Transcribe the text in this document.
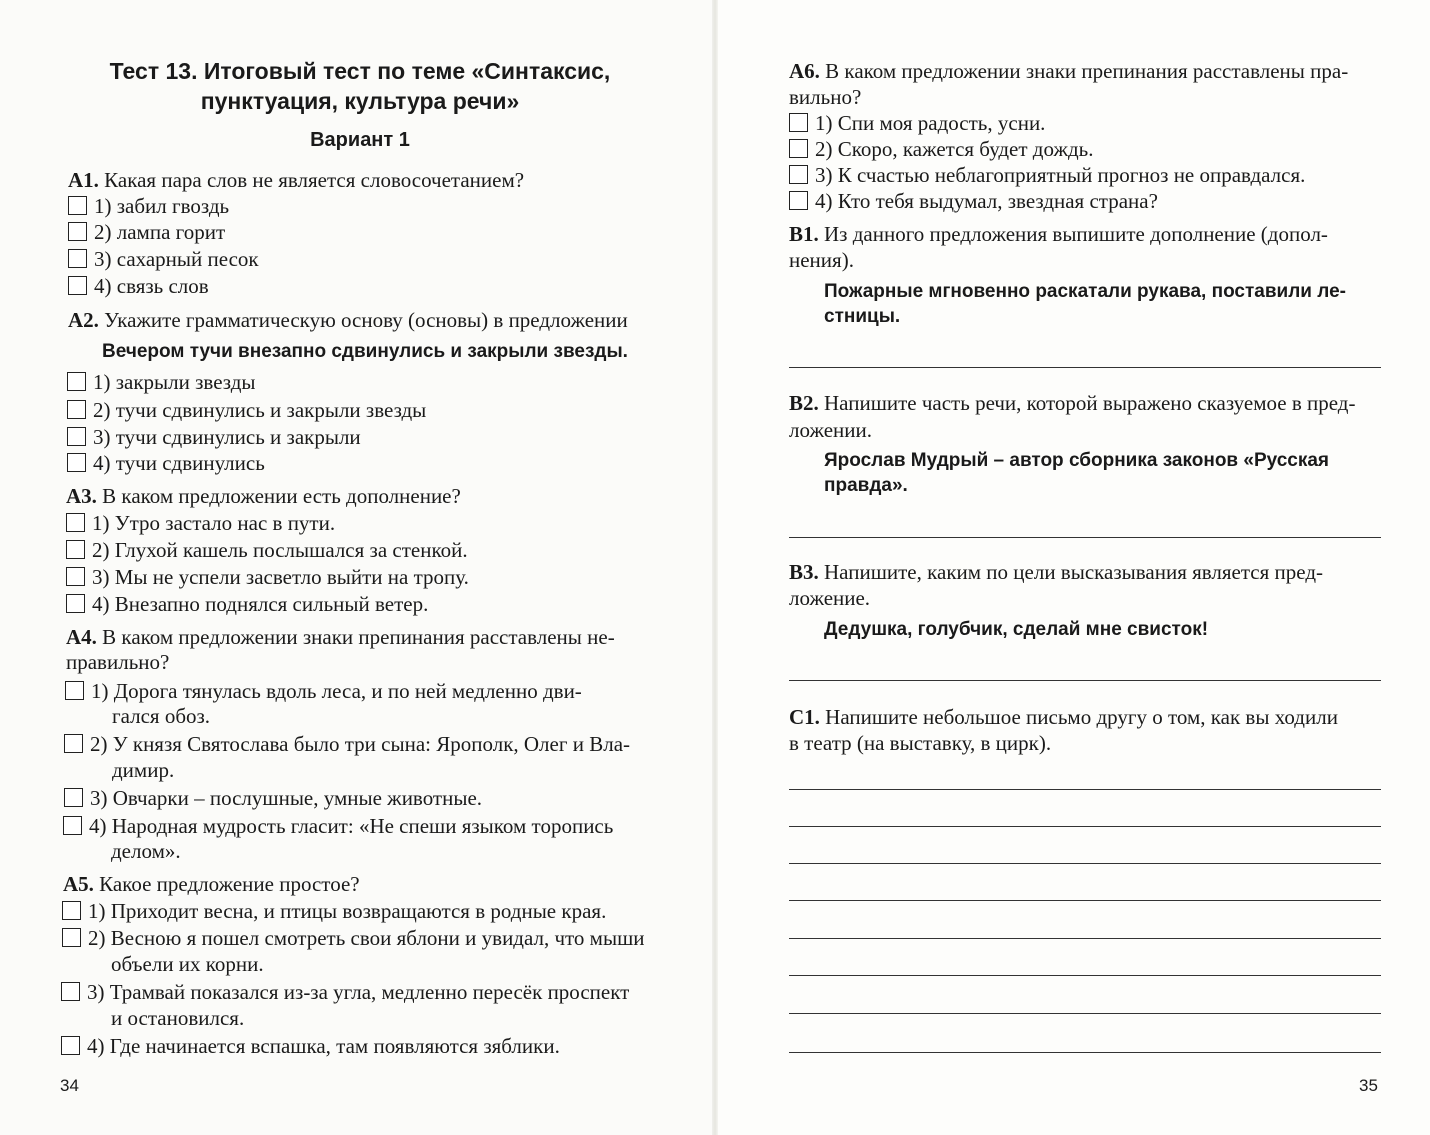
Тест 13. Итоговый тест по теме «Синтаксис,
пунктуация, культура речи»
Вариант 1
А1. Какая пара слов не является словосочетанием?
1) забил гвоздь
2) лампа горит
3) сахарный песок
4) связь слов
А2. Укажите грамматическую основу (основы) в предложении
Вечером тучи внезапно сдвинулись и закрыли звезды.
1) закрыли звезды
2) тучи сдвинулись и закрыли звезды
3) тучи сдвинулись и закрыли
4) тучи сдвинулись
А3. В каком предложении есть дополнение?
1) Утро застало нас в пути.
2) Глухой кашель послышался за стенкой.
3) Мы не успели засветло выйти на тропу.
4) Внезапно поднялся сильный ветер.
А4. В каком предложении знаки препинания расставлены не-
правильно?
1) Дорога тянулась вдоль леса, и по ней медленно дви-
гался обоз.
2) У князя Святослава было три сына: Ярополк, Олег и Вла-
димир.
3) Овчарки – послушные, умные животные.
4) Народная мудрость гласит: «Не спеши языком торопись
делом».
А5. Какое предложение простое?
1) Приходит весна, и птицы возвращаются в родные края.
2) Весною я пошел смотреть свои яблони и увидал, что мыши
объели их корни.
3) Трамвай показался из-за угла, медленно пересёк проспект
и остановился.
4) Где начинается вспашка, там появляются зяблики.
34
А6. В каком предложении знаки препинания расставлены пра-
вильно?
1) Спи моя радость, усни.
2) Скоро, кажется будет дождь.
3) К счастью неблагоприятный прогноз не оправдался.
4) Кто тебя выдумал, звездная страна?
В1. Из данного предложения выпишите дополнение (допол-
нения).
Пожарные мгновенно раскатали рукава, поставили ле-
стницы.
В2. Напишите часть речи, которой выражено сказуемое в пред-
ложении.
Ярослав Мудрый – автор сборника законов «Русская
правда».
В3. Напишите, каким по цели высказывания является пред-
ложение.
Дедушка, голубчик, сделай мне свисток!
С1. Напишите небольшое письмо другу о том, как вы ходили
в театр (на выставку, в цирк).
35
